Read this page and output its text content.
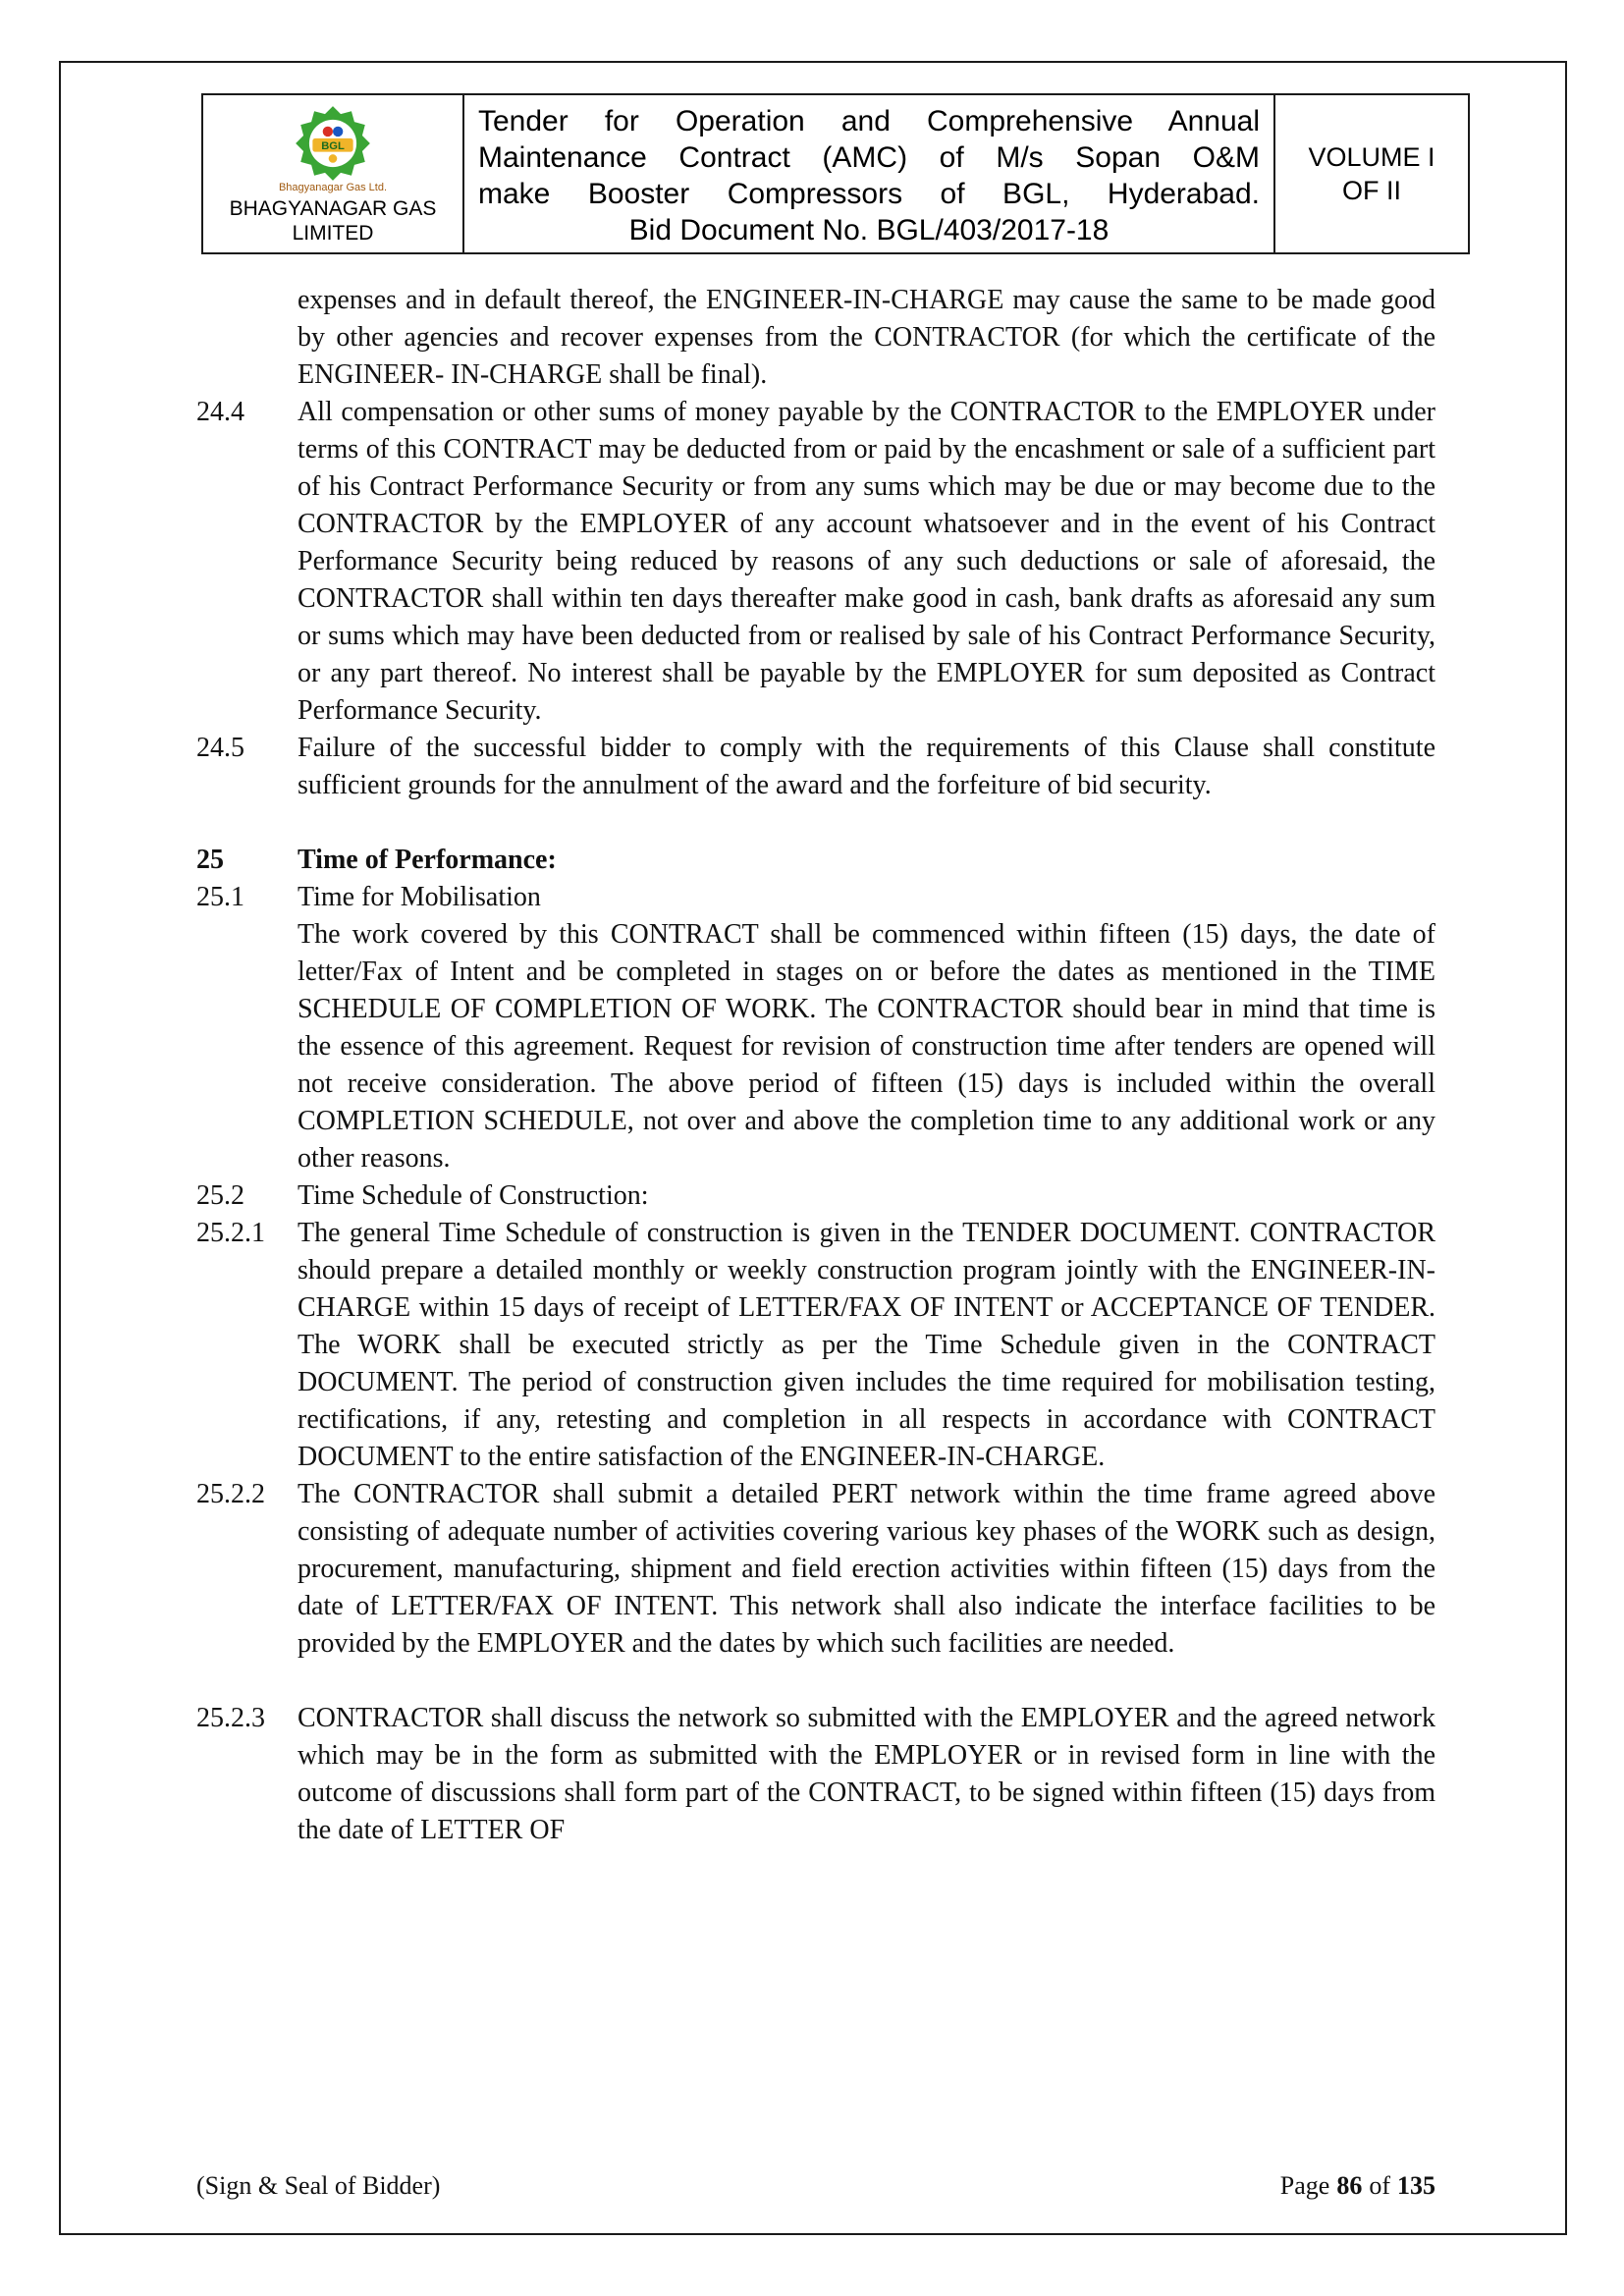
BGL
Bhagyanagar Gas Ltd.
BHAGYANAGAR GAS
LIMITED
Tender for Operation and Comprehensive Annual
Maintenance Contract (AMC) of M/s Sopan O&M
make Booster Compressors of BGL, Hyderabad.
Bid Document No. BGL/403/2017-18
VOLUME I
OF II
expenses and in default thereof, the ENGINEER-IN-CHARGE may cause the same to be made good by other agencies and recover expenses from the CONTRACTOR (for which the certificate of the ENGINEER- IN-CHARGE shall be final).
24.4	All compensation or other sums of money payable by the CONTRACTOR to the EMPLOYER under terms of this CONTRACT may be deducted from or paid by the encashment or sale of a sufficient part of his Contract Performance Security or from any sums which may be due or may become due to the CONTRACTOR by the EMPLOYER of any account whatsoever and in the event of his Contract Performance Security being reduced by reasons of any such deductions or sale of aforesaid, the CONTRACTOR shall within ten days thereafter make good in cash, bank drafts as aforesaid any sum or sums which may have been deducted from or realised by sale of his Contract Performance Security, or any part thereof. No interest shall be payable by the EMPLOYER for sum deposited as Contract Performance Security.
24.5	Failure of the successful bidder to comply with the requirements of this Clause shall constitute sufficient grounds for the annulment of the award and the forfeiture of bid security.
25	Time of Performance:
25.1	Time for Mobilisation
The work covered by this CONTRACT shall be commenced within fifteen (15) days, the date of letter/Fax of Intent and be completed in stages on or before the dates as mentioned in the TIME SCHEDULE OF COMPLETION OF WORK. The CONTRACTOR should bear in mind that time is the essence of this agreement. Request for revision of construction time after tenders are opened will not receive consideration. The above period of fifteen (15) days is included within the overall COMPLETION SCHEDULE, not over and above the completion time to any additional work or any other reasons.
25.2	Time Schedule of Construction:
25.2.1	The general Time Schedule of construction is given in the TENDER DOCUMENT. CONTRACTOR should prepare a detailed monthly or weekly construction program jointly with the ENGINEER-IN-CHARGE within 15 days of receipt of LETTER/FAX OF INTENT or ACCEPTANCE OF TENDER. The WORK shall be executed strictly as per the Time Schedule given in the CONTRACT DOCUMENT. The period of construction given includes the time required for mobilisation testing, rectifications, if any, retesting and completion in all respects in accordance with CONTRACT DOCUMENT to the entire satisfaction of the ENGINEER-IN-CHARGE.
25.2.2	The CONTRACTOR shall submit a detailed PERT network within the time frame agreed above consisting of adequate number of activities covering various key phases of the WORK such as design, procurement, manufacturing, shipment and field erection activities within fifteen (15) days from the date of LETTER/FAX OF INTENT. This network shall also indicate the interface facilities to be provided by the EMPLOYER and the dates by which such facilities are needed.
25.2.3	CONTRACTOR shall discuss the network so submitted with the EMPLOYER and the agreed network which may be in the form as submitted with the EMPLOYER or in revised form in line with the outcome of discussions shall form part of the CONTRACT, to be signed within fifteen (15) days from the date of LETTER OF
(Sign & Seal of Bidder)	Page 86 of 135
